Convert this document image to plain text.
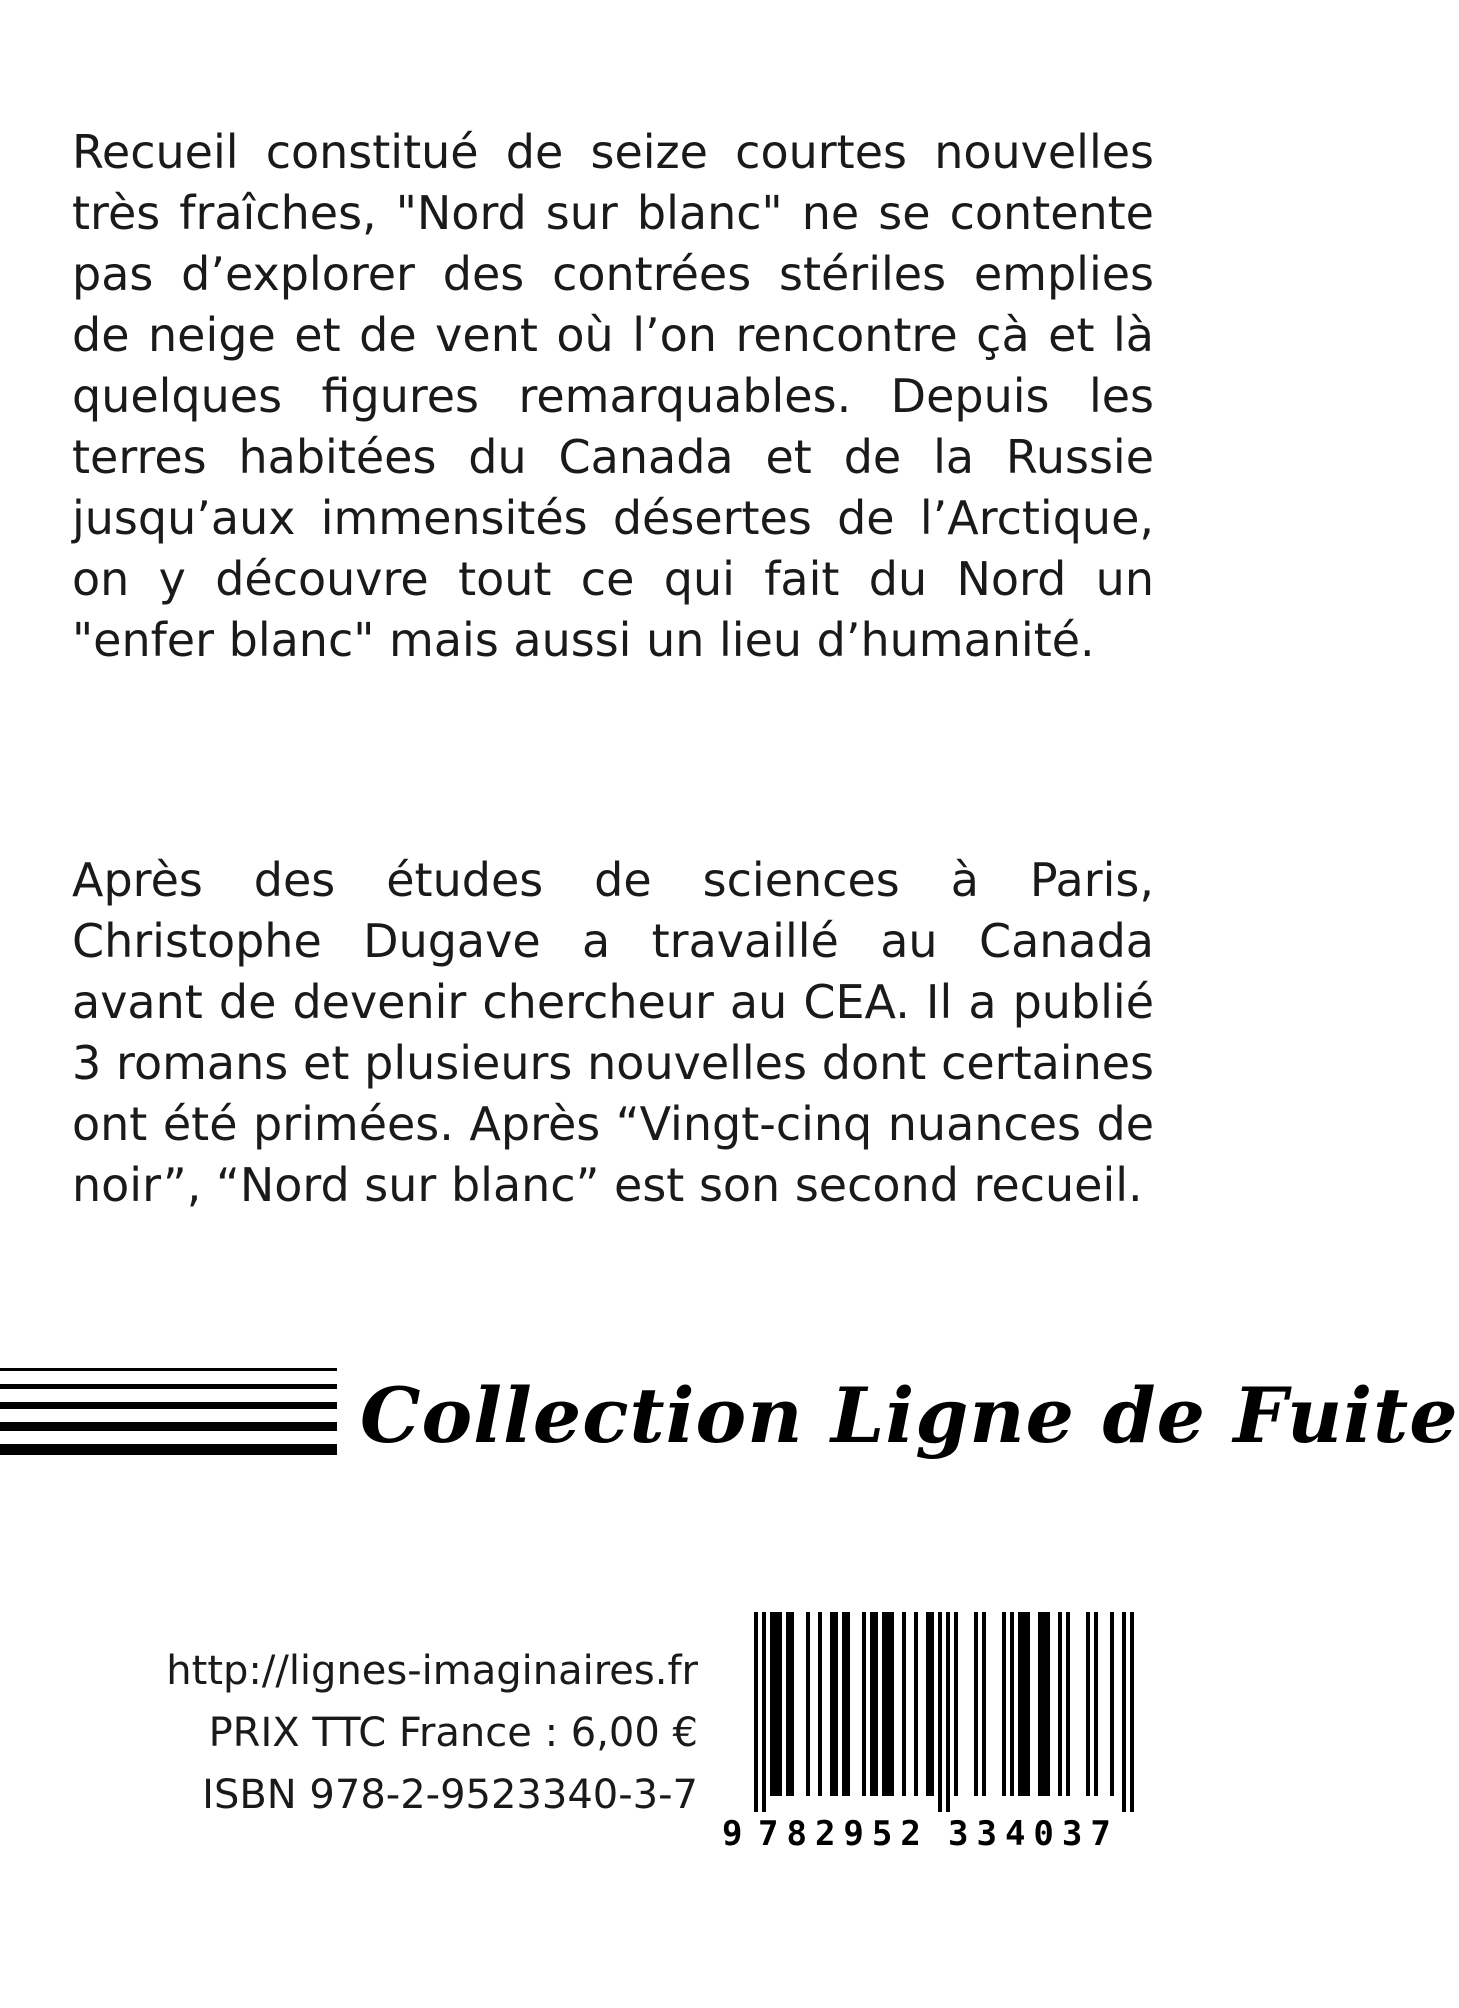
Recueil constitué de seize courtes nouvelles très fraîches, "Nord sur blanc" ne se contente pas d’explorer des contrées stériles emplies de neige et de vent où l’on rencontre çà et là quelques figures remarquables. Depuis les terres habitées du Canada et de la Russie jusqu’aux immensités désertes de l’Arctique, on y découvre tout ce qui fait du Nord un "enfer blanc" mais aussi un lieu d’humanité.

Après des études de sciences à Paris, Christophe Dugave a travaillé au Canada avant de devenir chercheur au CEA. Il a publié 3 romans et plusieurs nouvelles dont certaines ont été primées. Après “Vingt-cinq nuances de noir”, “Nord sur blanc” est son second recueil.

Collection Ligne de Fuite
http://lignes-imaginaires.fr
PRIX TTC France : 6,00 €
ISBN 978-2-9523340-3-7
9 782952 334037
